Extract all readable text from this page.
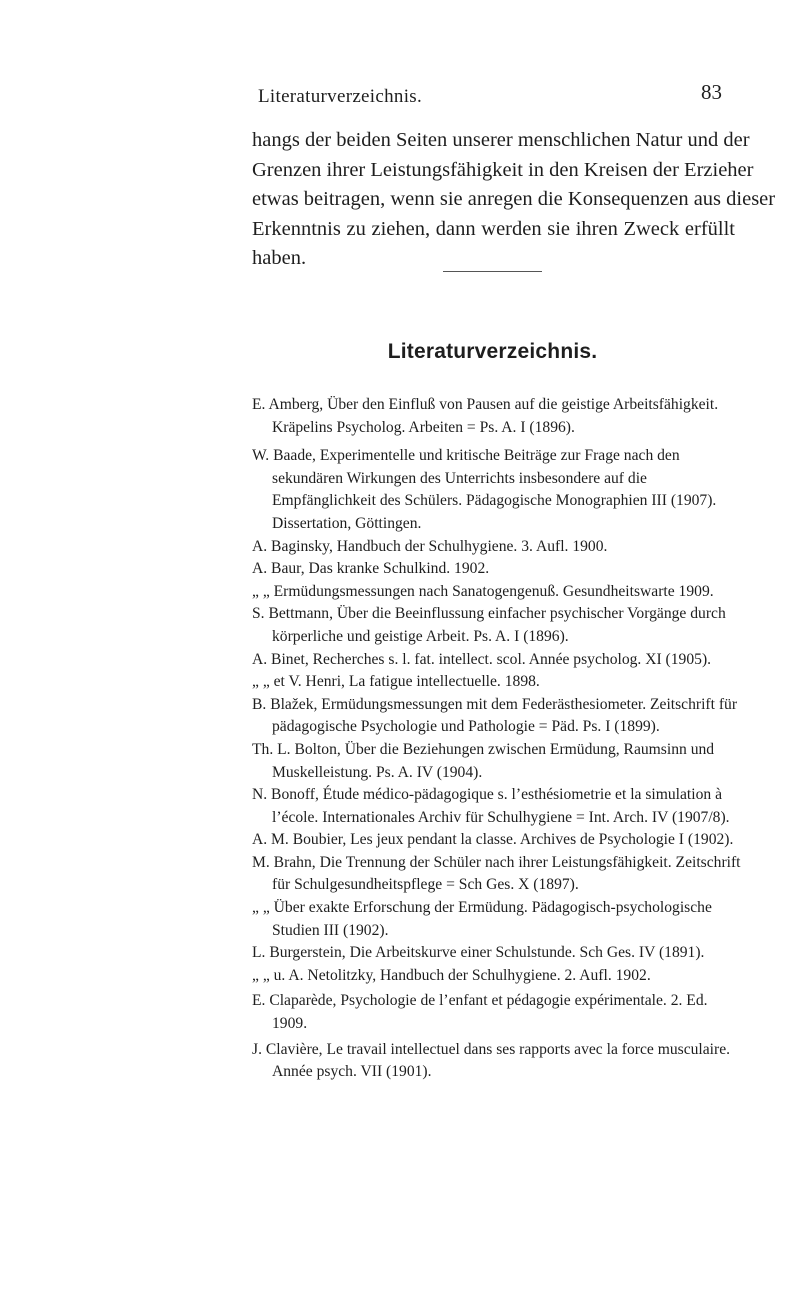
Literaturverzeichnis.	83

hangs der beiden Seiten unserer menschlichen Natur und der
Grenzen ihrer Leistungsfähigkeit in den Kreisen der Erzieher
etwas beitragen, wenn sie anregen die Konsequenzen aus dieser
Erkenntnis zu ziehen, dann werden sie ihren Zweck erfüllt
haben.

Literaturverzeichnis.

E. Amberg, Über den Einfluß von Pausen auf die geistige Arbeitsfähigkeit. Kräpelins Psycholog. Arbeiten = Ps. A. I (1896).

W. Baade, Experimentelle und kritische Beiträge zur Frage nach den sekundären Wirkungen des Unterrichts insbesondere auf die Empfänglichkeit des Schülers. Pädagogische Monographien III (1907). Dissertation, Göttingen.

A. Baginsky, Handbuch der Schulhygiene. 3. Aufl. 1900.

A. Baur, Das kranke Schulkind. 1902.

„ „ Ermüdungsmessungen nach Sanatogengenuß. Gesundheitswarte 1909.

S. Bettmann, Über die Beeinflussung einfacher psychischer Vorgänge durch körperliche und geistige Arbeit. Ps. A. I (1896).

A. Binet, Recherches s. l. fat. intellect. scol. Année psycholog. XI (1905).

„ „ et V. Henri, La fatigue intellectuelle. 1898.

B. Blažek, Ermüdungsmessungen mit dem Federästhesiometer. Zeitschrift für pädagogische Psychologie und Pathologie = Päd. Ps. I (1899).

Th. L. Bolton, Über die Beziehungen zwischen Ermüdung, Raumsinn und Muskelleistung. Ps. A. IV (1904).

N. Bonoff, Étude médico-pädagogique s. l’esthésiometrie et la simulation à l’école. Internationales Archiv für Schulhygiene = Int. Arch. IV (1907/8).

A. M. Boubier, Les jeux pendant la classe. Archives de Psychologie I (1902).

M. Brahn, Die Trennung der Schüler nach ihrer Leistungsfähigkeit. Zeitschrift für Schulgesundheitspflege = Sch Ges. X (1897).

„ „ Über exakte Erforschung der Ermüdung. Pädagogisch-psychologische Studien III (1902).

L. Burgerstein, Die Arbeitskurve einer Schulstunde. Sch Ges. IV (1891).

„ „ u. A. Netolitzky, Handbuch der Schulhygiene. 2. Aufl. 1902.

E. Claparède, Psychologie de l’enfant et pédagogie expérimentale. 2. Ed. 1909.

J. Clavière, Le travail intellectuel dans ses rapports avec la force musculaire. Année psych. VII (1901).
